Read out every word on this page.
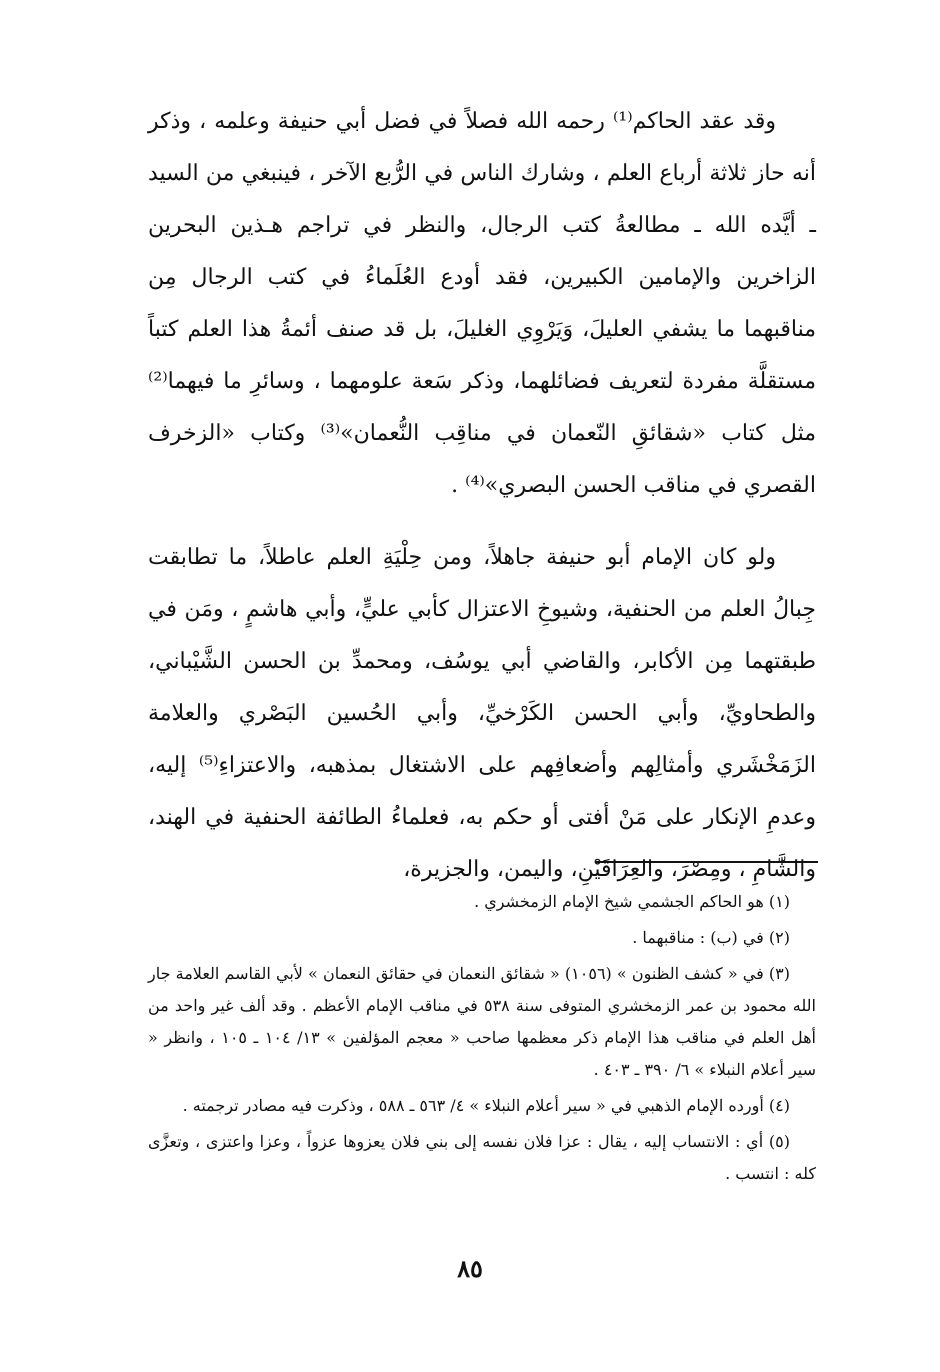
وقد عقد الحاكم⁽¹⁾ رحمه الله فصلاً في فضل أبي حنيفة وعلمه ، وذكر أنه حاز ثلاثة أرباع العلم ، وشارك الناس في الرُّبع الآخر ، فينبغي من السيد ـ أيَّده الله ـ مطالعةُ كتب الرجال، والنظر في تراجم هـذين البحرين الزاخرين والإمامين الكبيرين، فقد أودع العُلَماءُ في كتب الرجال مِن مناقبهما ما يشفي العليلَ، وَيَرْوِي الغليلَ، بل قد صنف أئمةُ هذا العلم كتباً مستقلَّة مفردة لتعريف فضائلهما، وذكر سَعة علومهما ، وسائرِ ما فيهما⁽²⁾ مثل كتاب «شقائقِ النّعمان في مناقِب النُّعمان»⁽³⁾ وكتاب «الزخرف القصري في مناقب الحسن البصري»⁽⁴⁾ .

ولو كان الإمام أبو حنيفة جاهلاً، ومن حِلْيَةِ العلم عاطلاً، ما تطابقت جِبالُ العلم من الحنفية، وشيوخِ الاعتزال كأبي عليٍّ، وأبي هاشمٍ ، ومَن في طبقتهما مِن الأكابر، والقاضي أبي يوسُف، ومحمدِّ بن الحسن الشَّيْباني، والطحاويِّ، وأبي الحسن الكَرْخيِّ، وأبي الحُسين البَصْري والعلامة الزَمَخْشَري وأمثالِهم وأضعافِهم على الاشتغال بمذهبه، والاعتزاءِ⁽⁵⁾ إليه، وعدمِ الإنكار على مَنْ أفتى أو حكم به، فعلماءُ الطائفة الحنفية في الهند، والشَّامِ ، ومِصْرَ، والعِرَاقَيْنِ، واليمن، والجزيرة،

(١) هو الحاكم الجشمي شيخ الإمام الزمخشري .

(٢) في (ب) : مناقبهما .

(٣) في « كشف الظنون » (١٠٥٦) « شقائق النعمان في حقائق النعمان » لأبي القاسم العلامة جار الله محمود بن عمر الزمخشري المتوفى سنة ٥٣٨ في مناقب الإمام الأعظم . وقد ألف غير واحد من أهل العلم في مناقب هذا الإمام ذكر معظمها صاحب « معجم المؤلفين » ١٣/ ١٠٤ ـ ١٠٥ ، وانظر « سير أعلام النبلاء » ٦/ ٣٩٠ ـ ٤٠٣ .

(٤) أورده الإمام الذهبي في « سير أعلام النبلاء » ٤/ ٥٦٣ ـ ٥٨٨ ، وذكرت فيه مصادر ترجمته .

(٥) أي : الانتساب إليه ، يقال : عزا فلان نفسه إلى بني فلان يعزوها عزواً ، وعزا واعتزى ، وتعزَّى كله : انتسب .

٨٥
